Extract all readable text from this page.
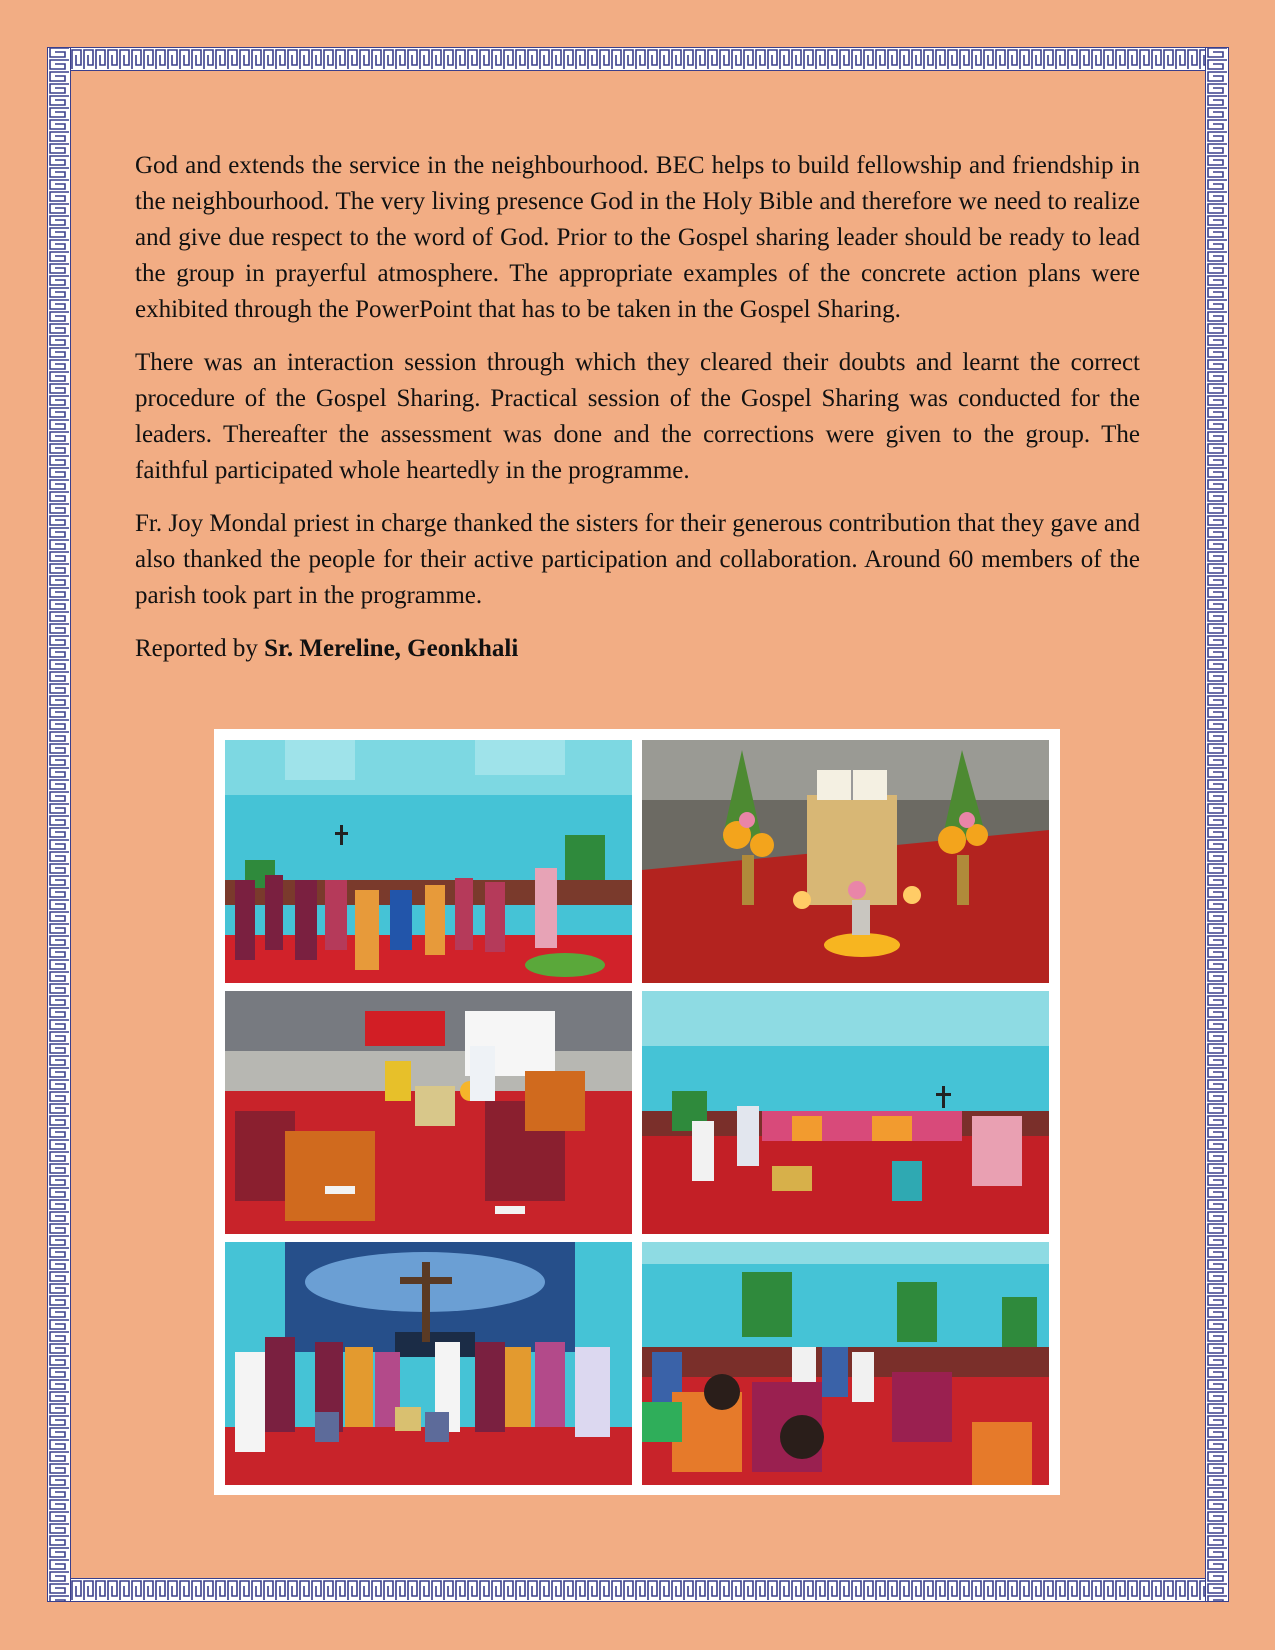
God and extends the service in the neighbourhood. BEC helps to build fellowship and friendship in the neighbourhood. The very living presence God in the Holy Bible and therefore we need to realize and give due respect to the word of God. Prior to the Gospel sharing leader should be ready to lead the group in prayerful atmosphere. The appropriate examples of the concrete action plans were exhibited through the PowerPoint that has to be taken in the Gospel Sharing.

There was an interaction session through which they cleared their doubts and learnt the correct procedure of the Gospel Sharing. Practical session of the Gospel Sharing was conducted for the leaders. Thereafter the assessment was done and the corrections were given to the group. The faithful participated whole heartedly in the programme.

Fr. Joy Mondal priest in charge thanked the sisters for their generous contribution that they gave and also thanked the people for their active participation and collaboration. Around 60 members of the parish took part in the programme.

Reported by Sr. Mereline, Geonkhali
